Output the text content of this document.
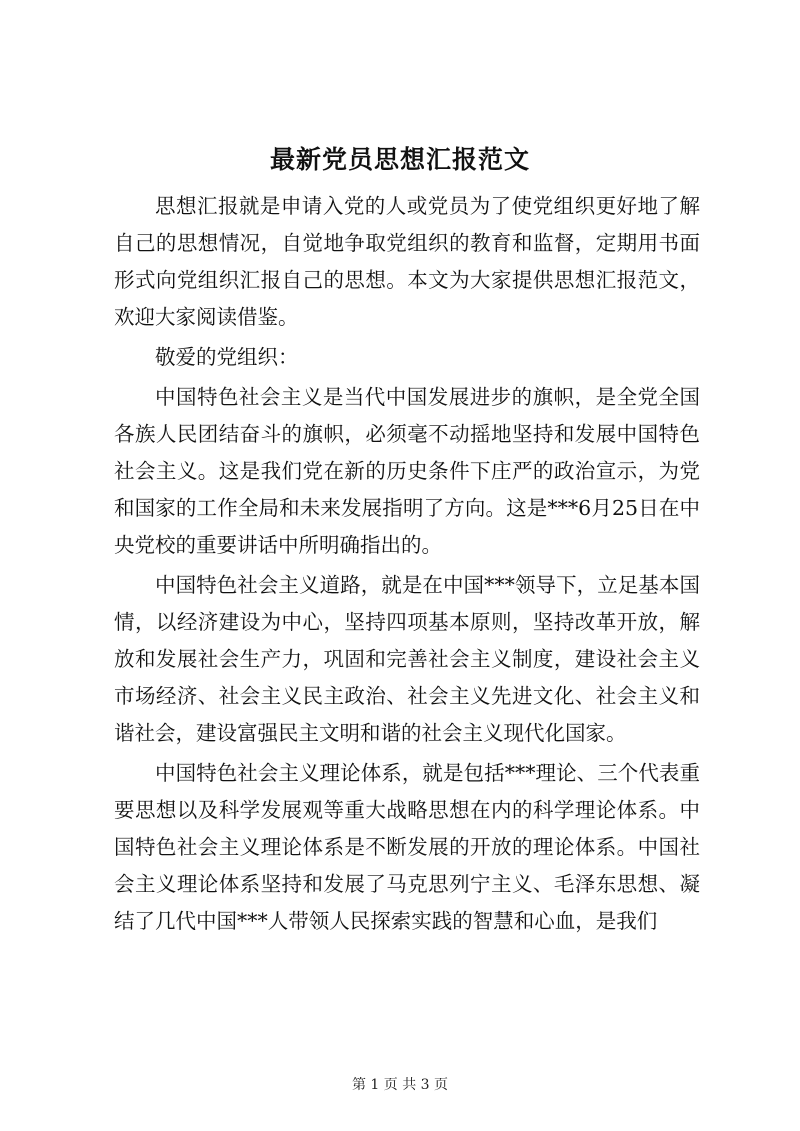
最新党员思想汇报范文

思想汇报就是申请入党的人或党员为了使党组织更好地了解自己的思想情况，自觉地争取党组织的教育和监督，定期用书面形式向党组织汇报自己的思想。本文为大家提供思想汇报范文，欢迎大家阅读借鉴。

敬爱的党组织：

中国特色社会主义是当代中国发展进步的旗帜，是全党全国各族人民团结奋斗的旗帜，必须毫不动摇地坚持和发展中国特色社会主义。这是我们党在新的历史条件下庄严的政治宣示，为党和国家的工作全局和未来发展指明了方向。这是***6月25日在中央党校的重要讲话中所明确指出的。

中国特色社会主义道路，就是在中国***领导下，立足基本国情，以经济建设为中心，坚持四项基本原则，坚持改革开放，解放和发展社会生产力，巩固和完善社会主义制度，建设社会主义市场经济、社会主义民主政治、社会主义先进文化、社会主义和谐社会，建设富强民主文明和谐的社会主义现代化国家。

中国特色社会主义理论体系，就是包括***理论、三个代表重要思想以及科学发展观等重大战略思想在内的科学理论体系。中国特色社会主义理论体系是不断发展的开放的理论体系。中国社会主义理论体系坚持和发展了马克思列宁主义、毛泽东思想、凝结了几代中国***人带领人民探索实践的智慧和心血，是我们

第 1 页 共 3 页
